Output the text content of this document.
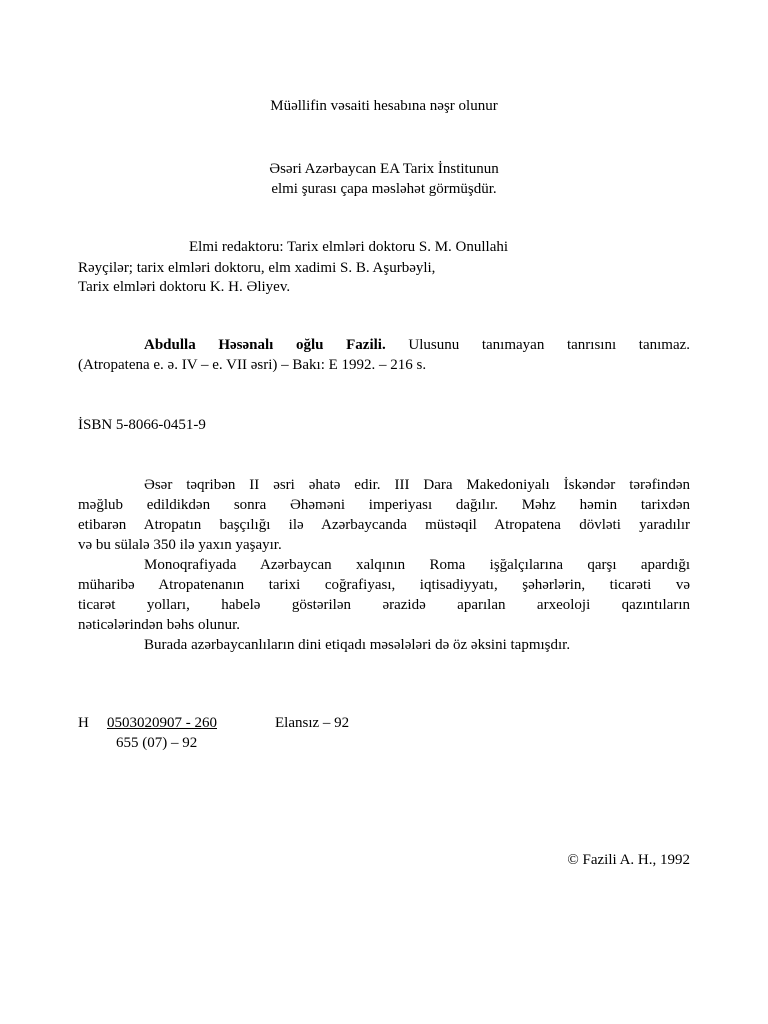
Müəllifin vəsaiti hesabına nəşr olunur
Əsəri Azərbaycan EA Tarix İnstitunun
elmi şurası çapa məsləhət görmüşdür.
Elmi redaktoru: Tarix elmləri doktoru S. M. Onullahi
Rəyçilər; tarix elmləri doktoru, elm xadimi S. B. Aşurbəyli,
Tarix elmləri doktoru K. H. Əliyev.
Abdulla Həsənalı oğlu Fazili. Ulusunu tanımayan tanrısını tanımaz.
(Atropatena e. ə. IV – e. VII əsri) – Bakı: E 1992. – 216 s.
İSBN 5-8066-0451-9
Əsər təqribən II əsri əhatə edir. III Dara Makedoniyalı İskəndər tərəfindən
məğlub edildikdən sonra Əhəməni imperiyası dağılır. Məhz həmin tarixdən
etibarən Atropatın başçılığı ilə Azərbaycanda müstəqil Atropatena dövləti yaradılır
və bu sülalə 350 ilə yaxın yaşayır.
Monoqrafiyada Azərbaycan xalqının Roma işğalçılarına qarşı apardığı
müharibə Atropatenanın tarixi coğrafiyası, iqtisadiyyatı, şəhərlərin, ticarəti və
ticarət yolları, habelə göstərilən ərazidə aparılan arxeoloji qazıntıların
nəticələrindən bəhs olunur.
Burada azərbaycanlıların dini etiqadı məsələləri də öz əksini tapmışdır.
H 0503020907 - 260	Elansız – 92
655 (07) – 92
© Fazili A. H., 1992
